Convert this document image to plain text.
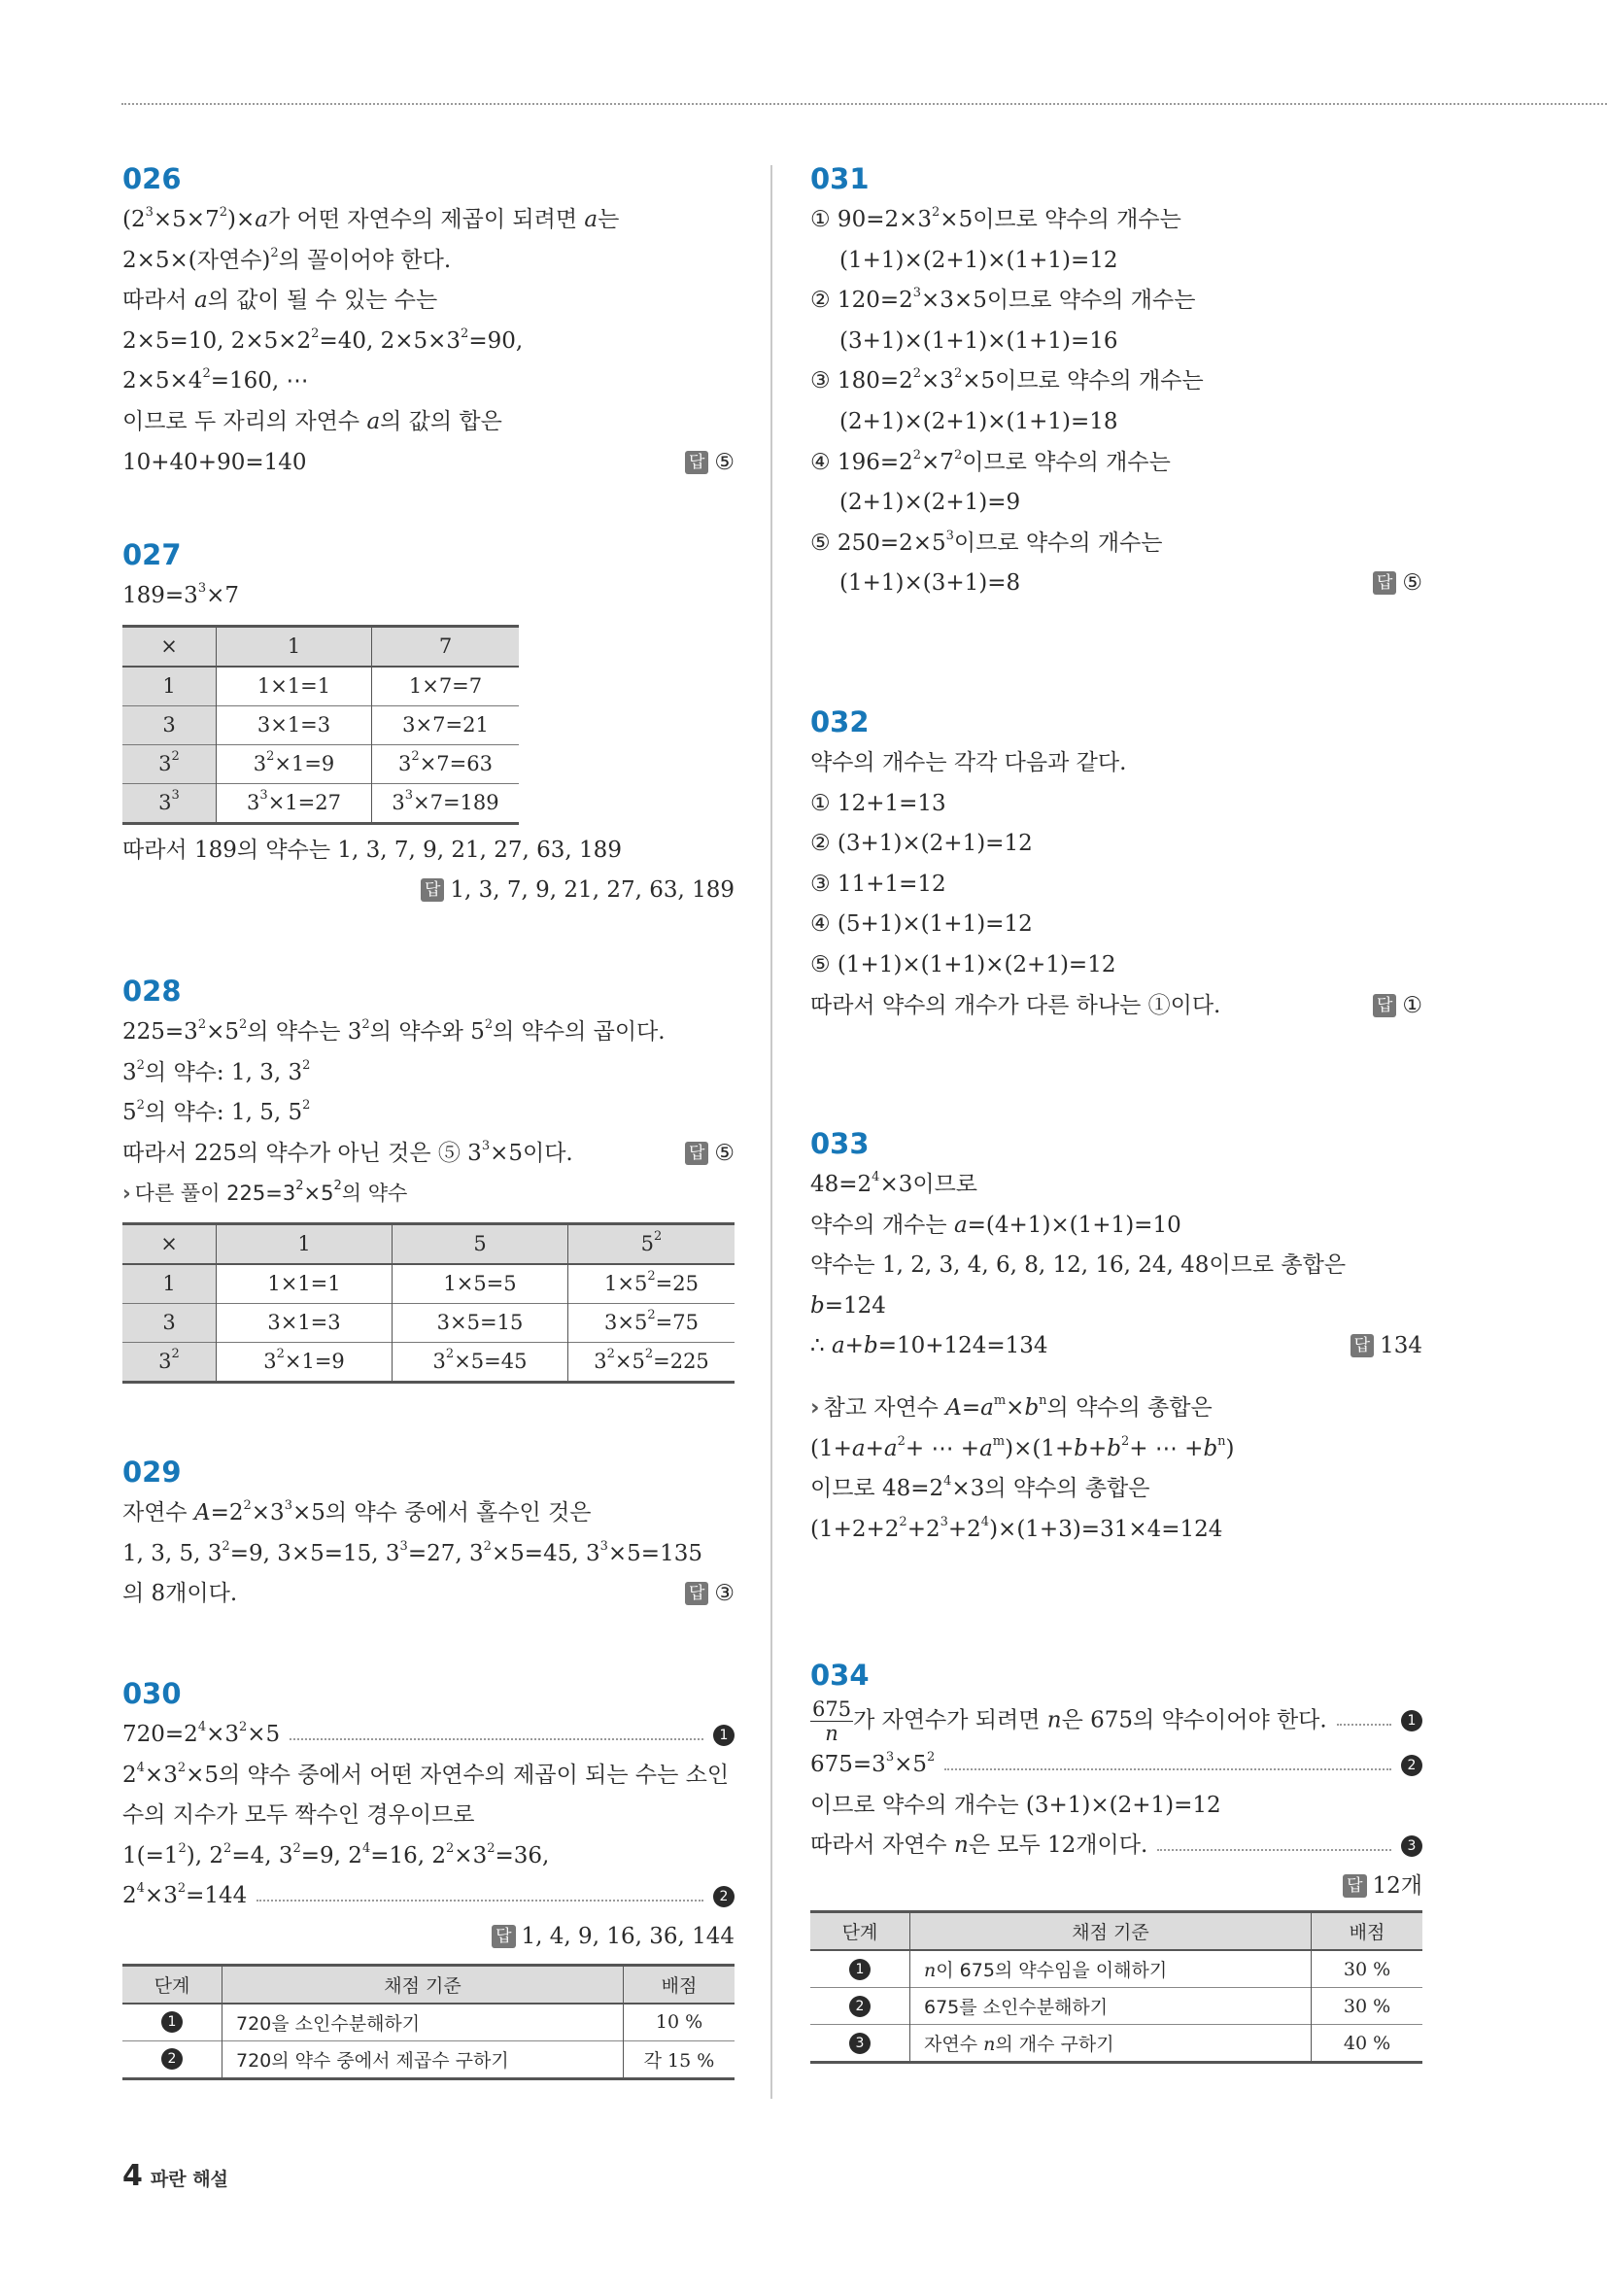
026
$(2^3\times 5\times 7^2)\times a$가 어떤 자연수의 제곱이 되려면 a는
2×5×(자연수)$^2$의 꼴이어야 한다.
따라서 a의 값이 될 수 있는 수는
2×5=10, $2\times 5\times 2^2=40$, $2\times 5\times 3^2=90$,
$2\times 5\times 4^2=160$, ⋯
이므로 두 자리의 자연수 a의 값의 합은
10+40+90=140	답 ⑤
027
$189=3^3\times 7$
×	1	7
1	1×1=1	1×7=7
3	3×1=3	3×7=21
$3^2$	$3^2\times 1=9$	$3^2\times 7=63$
$3^3$	$3^3\times 1=27$	$3^3\times 7=189$
따라서 189의 약수는 1, 3, 7, 9, 21, 27, 63, 189
답 1, 3, 7, 9, 21, 27, 63, 189
028
$225=3^2\times 5^2$의 약수는 $3^2$의 약수와 $5^2$의 약수의 곱이다.
$3^2$의 약수: 1, 3, $3^2$
$5^2$의 약수: 1, 5, $5^2$
따라서 225의 약수가 아닌 것은 ⑤ $3^3\times 5$이다.	답 ⑤
› 다른 풀이 $225=3^2\times 5^2$의 약수
×	1	5	$5^2$
1	1×1=1	1×5=5	$1\times 5^2=25$
3	3×1=3	3×5=15	$3\times 5^2=75$
$3^2$	$3^2\times 1=9$	$3^2\times 5=45$	$3^2\times 5^2=225$
029
자연수 $A=2^2\times 3^3\times 5$의 약수 중에서 홀수인 것은
1, 3, 5, $3^2=9$, 3×5=15, $3^3=27$, $3^2\times 5=45$, $3^3\times 5=135$
의 8개이다.	답 ③
030
$720=2^4\times 3^2\times 5$	1
$2^4\times 3^2\times 5$의 약수 중에서 어떤 자연수의 제곱이 되는 수는 소인
수의 지수가 모두 짝수인 경우이므로
$1(=1^2)$, $2^2=4$, $3^2=9$, $2^4=16$, $2^2\times 3^2=36$,
$2^4\times 3^2=144$	2
답 1, 4, 9, 16, 36, 144
단계	채점 기준	배점
1	720을 소인수분해하기	10 %
2	720의 약수 중에서 제곱수 구하기	각 15 %
031
① $90=2\times 3^2\times 5$이므로 약수의 개수는
(1+1)×(2+1)×(1+1)=12
② $120=2^3\times 3\times 5$이므로 약수의 개수는
(3+1)×(1+1)×(1+1)=16
③ $180=2^2\times 3^2\times 5$이므로 약수의 개수는
(2+1)×(2+1)×(1+1)=18
④ $196=2^2\times 7^2$이므로 약수의 개수는
(2+1)×(2+1)=9
⑤ $250=2\times 5^3$이므로 약수의 개수는
(1+1)×(3+1)=8	답 ⑤
032
약수의 개수는 각각 다음과 같다.
① 12+1=13
② (3+1)×(2+1)=12
③ 11+1=12
④ (5+1)×(1+1)=12
⑤ (1+1)×(1+1)×(2+1)=12
따라서 약수의 개수가 다른 하나는 ①이다.	답 ①
033
$48=2^4\times 3$이므로
약수의 개수는 a=(4+1)×(1+1)=10
약수는 1, 2, 3, 4, 6, 8, 12, 16, 24, 48이므로 총합은
b=124
∴ a+b=10+124=134	답 134
› 참고 자연수 $A=a^m\times b^n$의 약수의 총합은
($1+a+a^2+$ ⋯ $+a^m)\times(1+b+b^2+$ ⋯ $+b^n$)
이므로 $48=2^4\times 3$의 약수의 총합은
$(1+2+2^2+2^3+2^4)\times(1+3)=31\times 4=124$
034
$\frac{675}{n}$ 가 자연수가 되려면 n은 675의 약수이어야 한다.	1
$675=3^3\times 5^2$
2
이므로 약수의 개수는 (3+1)×(2+1)=12
따라서 자연수 n은 모두 12개이다.	3
답 12개
단계	채점 기준	배점
1	n이 675의 약수임을 이해하기	30 %
2	675를 소인수분해하기	30 %
3	자연수 n의 개수 구하기	40 %
4 파란 해설
